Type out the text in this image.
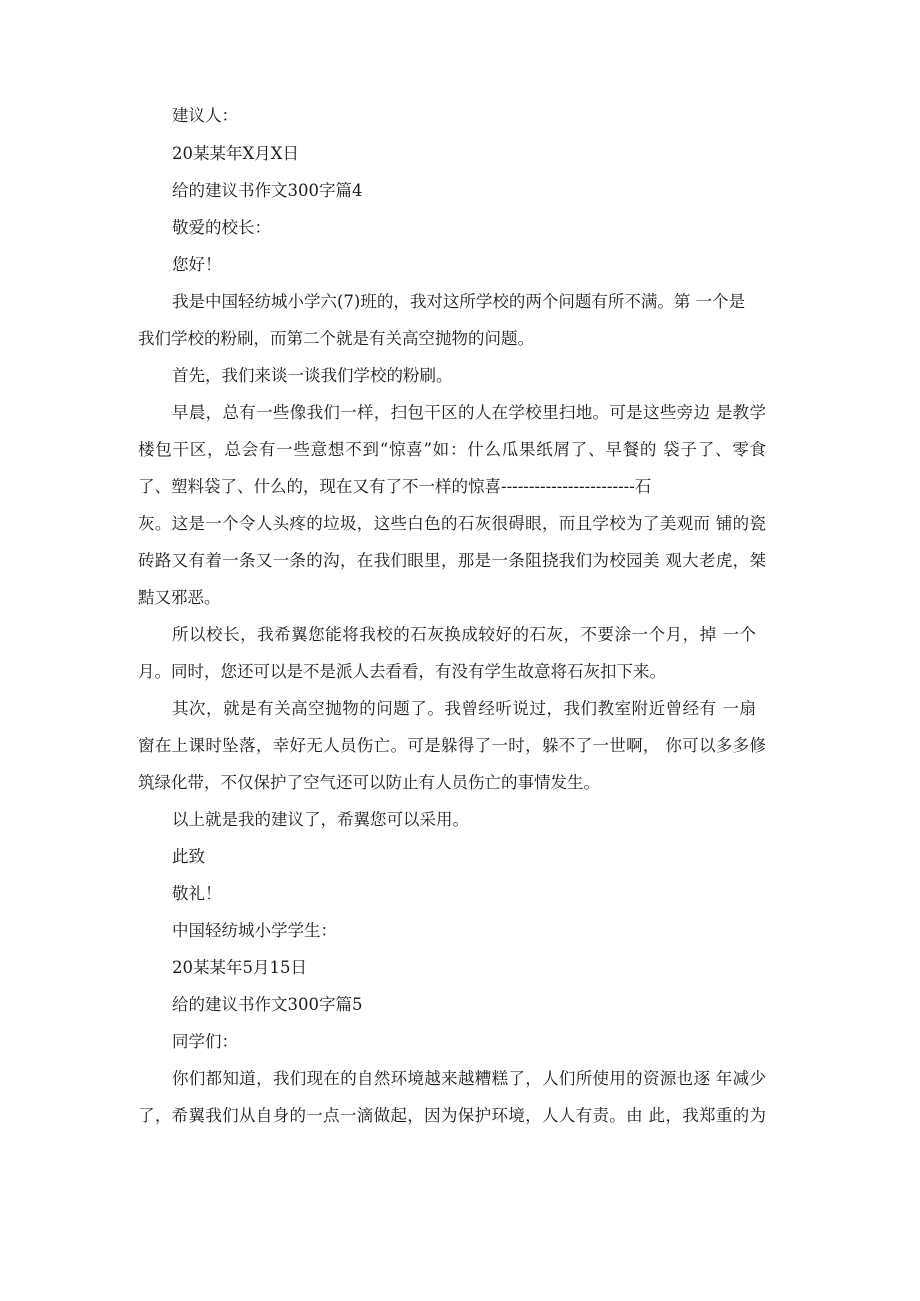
建议人：
20某某年X月X日
给的建议书作文300字篇4
敬爱的校长：
您好！
我是中国轻纺城小学六(7)班的，我对这所学校的两个问题有所不满。第 一个是
我们学校的粉刷，而第二个就是有关高空抛物的问题。
首先，我们来谈一谈我们学校的粉刷。
早晨，总有一些像我们一样，扫包干区的人在学校里扫地。可是这些旁边 是教学
楼包干区，总会有一些意想不到“惊喜”如：什么瓜果纸屑了、早餐的 袋子了、零食
了、塑料袋了、什么的，现在又有了不一样的惊喜------------------------石
灰。这是一个令人头疼的垃圾，这些白色的石灰很碍眼，而且学校为了美观而 铺的瓷
砖路又有着一条又一条的沟，在我们眼里，那是一条阻挠我们为校园美 观大老虎，桀
黠又邪恶。
所以校长，我希翼您能将我校的石灰换成较好的石灰，不要涂一个月，掉 一个
月。同时，您还可以是不是派人去看看，有没有学生故意将石灰扣下来。
其次，就是有关高空抛物的问题了。我曾经听说过，我们教室附近曾经有 一扇
窗在上课时坠落，幸好无人员伤亡。可是躲得了一时，躲不了一世啊， 你可以多多修
筑绿化带，不仅保护了空气还可以防止有人员伤亡的事情发生。
以上就是我的建议了，希翼您可以采用。
此致
敬礼！
中国轻纺城小学学生：
20某某年5月15日
给的建议书作文300字篇5
同学们：
你们都知道，我们现在的自然环境越来越糟糕了，人们所使用的资源也逐 年减少
了，希翼我们从自身的一点一滴做起，因为保护环境，人人有责。由 此，我郑重的为
